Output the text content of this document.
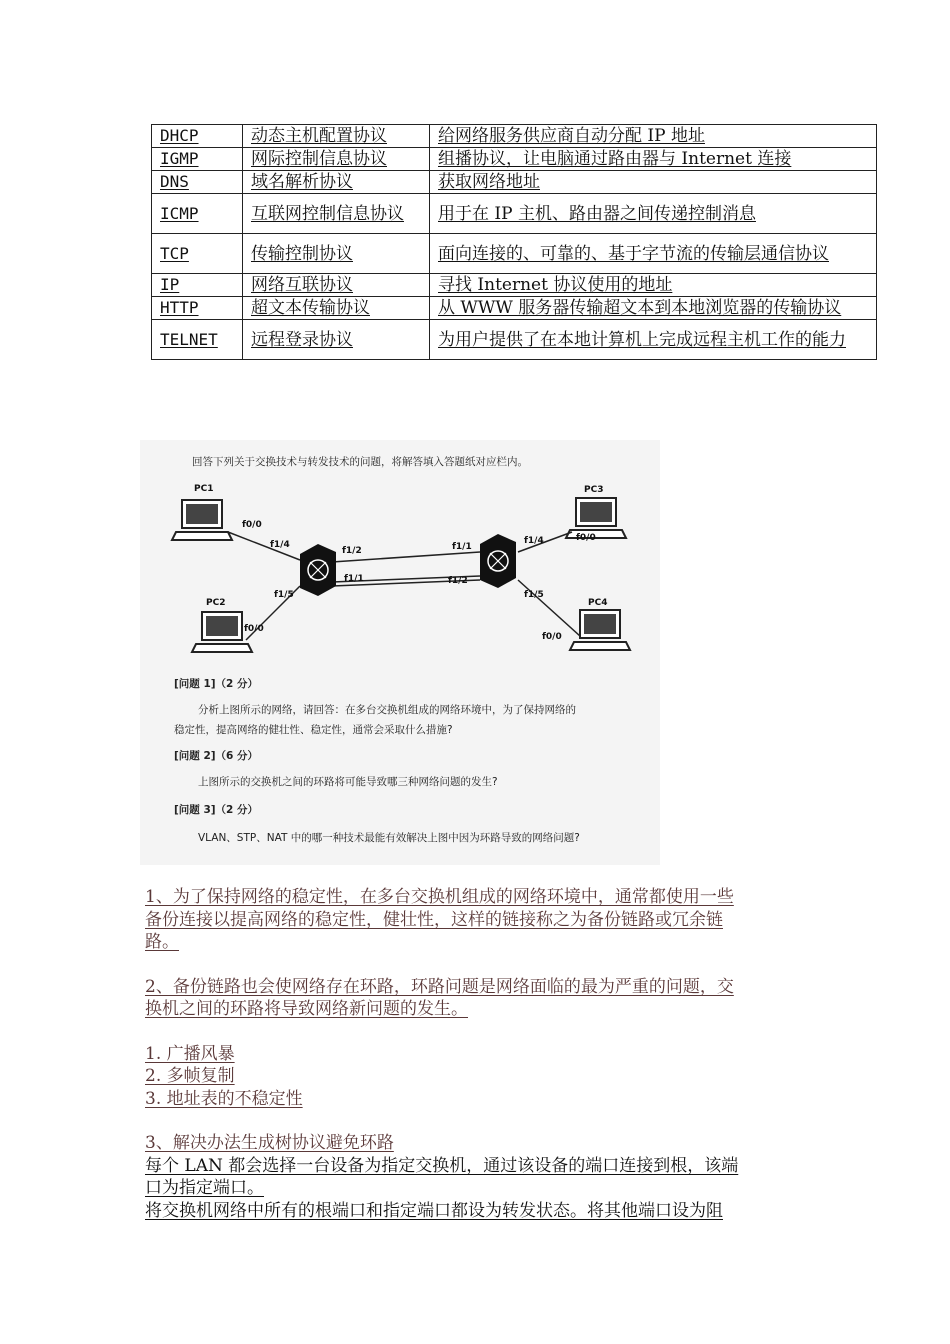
DHCP	动态主机配置协议	给网络服务供应商自动分配 IP 地址
IGMP	网际控制信息协议	组播协议，让电脑通过路由器与 Internet 连接
DNS	域名解析协议	获取网络地址
ICMP	互联网控制信息协议	用于在 IP 主机、路由器之间传递控制消息
TCP	传输控制协议	面向连接的、可靠的、基于字节流的传输层通信协议
IP	网络互联协议	寻找 Internet 协议使用的地址
HTTP	超文本传输协议	从 WWW 服务器传输超文本到本地浏览器的传输协议
TELNET	远程登录协议	为用户提供了在本地计算机上完成远程主机工作的能力
回答下列关于交换技术与转发技术的问题，将解答填入答题纸对应栏内。
PC1
PC2
PC3
PC4
f0/0
f0/0
f0/0
f0/0
f1/4
f1/5
f1/2
f1/1
f1/1
f1/2
f1/4
f1/5
[问题 1]（2 分）
分析上图所示的网络，请回答：在多台交换机组成的网络环境中，为了保持网络的
稳定性，提高网络的健壮性、稳定性，通常会采取什么措施?
[问题 2]（6 分）
上图所示的交换机之间的环路将可能导致哪三种网络问题的发生?
[问题 3]（2 分）
VLAN、STP、NAT 中的哪一种技术最能有效解决上图中因为环路导致的网络问题?

1、为了保持网络的稳定性，在多台交换机组成的网络环境中，通常都使用一些

备份连接以提高网络的稳定性，健壮性，这样的链接称之为备份链路或冗余链

路。

2、备份链路也会使网络存在环路，环路问题是网络面临的最为严重的问题，交

换机之间的环路将导致网络新问题的发生。

1. 广播风暴

2. 多帧复制

3. 地址表的不稳定性

3、解决办法生成树协议避免环路

每个 LAN 都会选择一台设备为指定交换机，通过该设备的端口连接到根，该端

口为指定端口。

将交换机网络中所有的根端口和指定端口都设为转发状态。将其他端口设为阻
